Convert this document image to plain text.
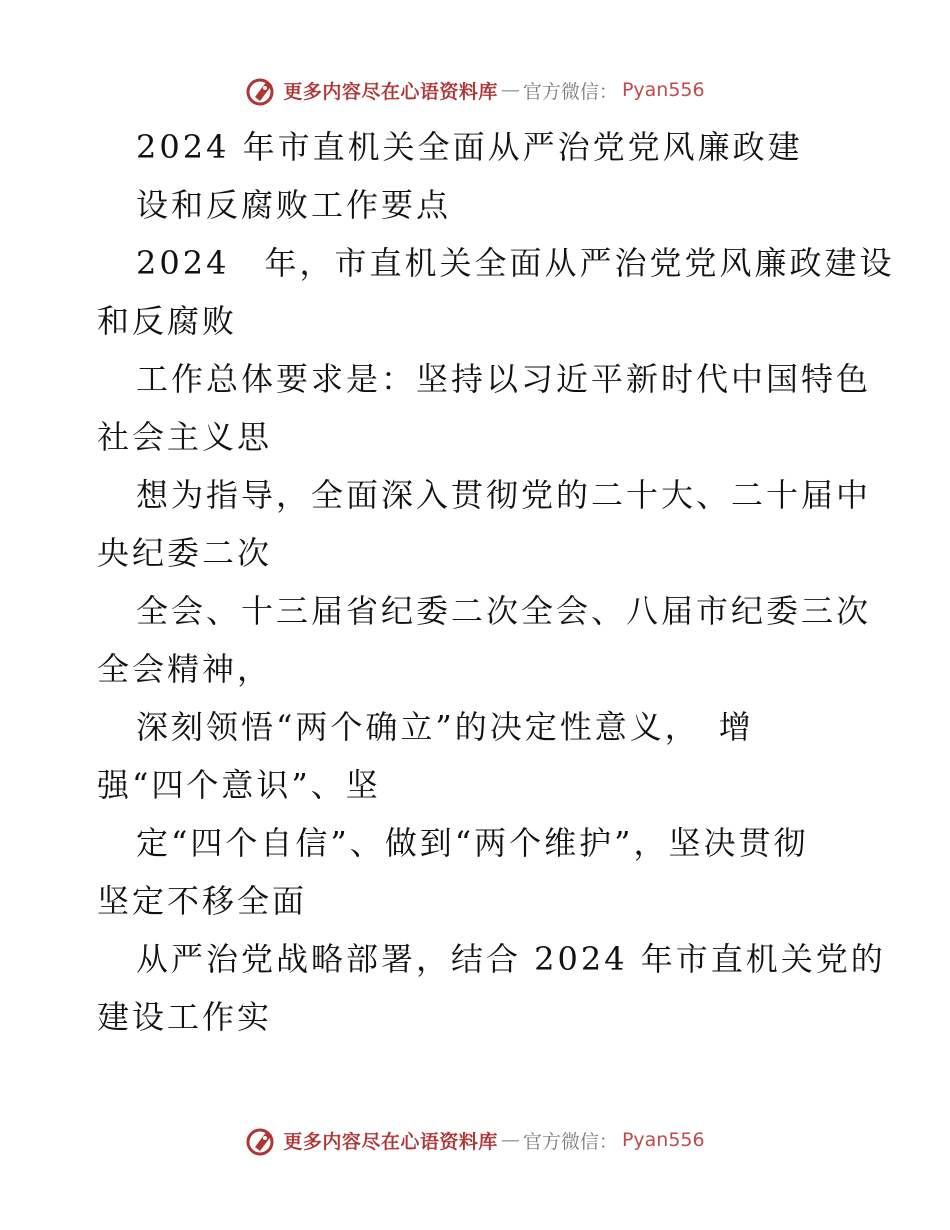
更多内容尽在心语资料库 — 官方微信： Pyan556
2024 年市直机关全面从严治党党风廉政建
设和反腐败工作要点
2024　年，市直机关全面从严治党党风廉政建设
和反腐败
工作总体要求是：坚持以习近平新时代中国特色
社会主义思
想为指导，全面深入贯彻党的二十大、二十届中
央纪委二次
全会、十三届省纪委二次全会、八届市纪委三次
全会精神，
深刻领悟“两个确立”的决定性意义，　增
强“四个意识”、坚
定“四个自信”、做到“两个维护”，坚决贯彻
坚定不移全面
从严治党战略部署，结合 2024 年市直机关党的
建设工作实
更多内容尽在心语资料库 — 官方微信： Pyan556
